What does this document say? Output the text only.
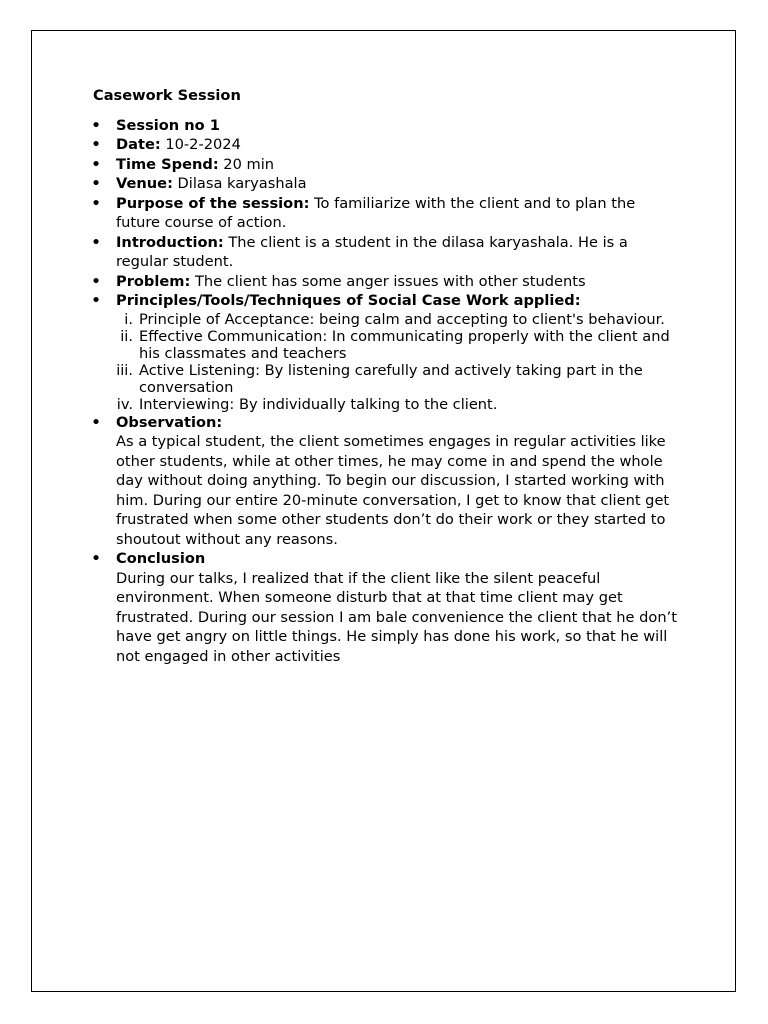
Casework Session
•
Session no 1
•
Date: 10-2-2024
•
Time Spend: 20 min
•
Venue: Dilasa karyashala
•
Purpose of the session: To familiarize with the client and to plan the future course of action.
•
Introduction: The client is a student in the dilasa karyashala. He is a regular student.
•
Problem: The client has some anger issues with other students
•
Principles/Tools/Techniques of Social Case Work applied:
i. Principle of Acceptance: being calm and accepting to client's behaviour.
ii. Effective Communication: In communicating properly with the client and his classmates and teachers
iii. Active Listening: By listening carefully and actively taking part in the conversation
iv. Interviewing: By individually talking to the client.
•
Observation:
As a typical student, the client sometimes engages in regular activities like other students, while at other times, he may come in and spend the whole day without doing anything. To begin our discussion, I started working with him. During our entire 20-minute conversation, I get to know that client get frustrated when some other students don’t do their work or they started to shoutout without any reasons.
•
Conclusion
During our talks, I realized that if the client like the silent peaceful environment. When someone disturb that at that time client may get frustrated. During our session I am bale convenience the client that he don’t have get angry on little things. He simply has done his work, so that he will not engaged in other activities
